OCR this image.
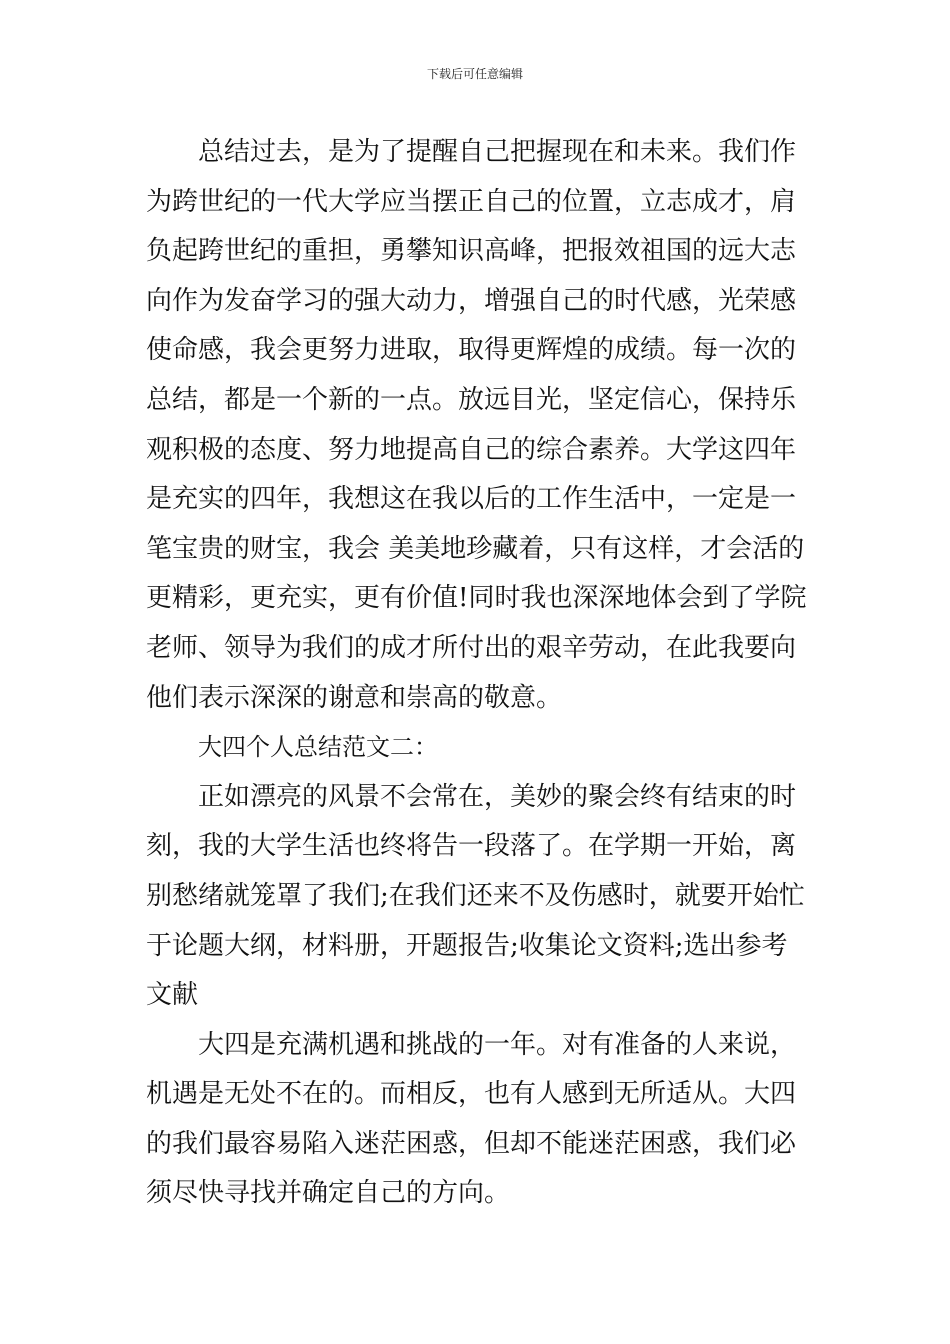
下载后可任意编辑
总结过去，是为了提醒自己把握现在和未来。我们作
为跨世纪的一代大学应当摆正自己的位置，立志成才，肩
负起跨世纪的重担，勇攀知识高峰，把报效祖国的远大志
向作为发奋学习的强大动力，增强自己的时代感，光荣感
使命感，我会更努力进取，取得更辉煌的成绩。每一次的
总结，都是一个新的一点。放远目光，坚定信心，保持乐
观积极的态度、努力地提高自己的综合素养。大学这四年
是充实的四年，我想这在我以后的工作生活中，一定是一
笔宝贵的财宝，我会 美美地珍藏着，只有这样，才会活的
更精彩，更充实，更有价值!同时我也深深地体会到了学院
老师、领导为我们的成才所付出的艰辛劳动，在此我要向
他们表示深深的谢意和崇高的敬意。
大四个人总结范文二：
正如漂亮的风景不会常在，美妙的聚会终有结束的时
刻，我的大学生活也终将告一段落了。在学期一开始，离
别愁绪就笼罩了我们;在我们还来不及伤感时，就要开始忙
于论题大纲，材料册，开题报告;收集论文资料;选出参考
文献
大四是充满机遇和挑战的一年。对有准备的人来说，
机遇是无处不在的。而相反，也有人感到无所适从。大四
的我们最容易陷入迷茫困惑，但却不能迷茫困惑，我们必
须尽快寻找并确定自己的方向。
